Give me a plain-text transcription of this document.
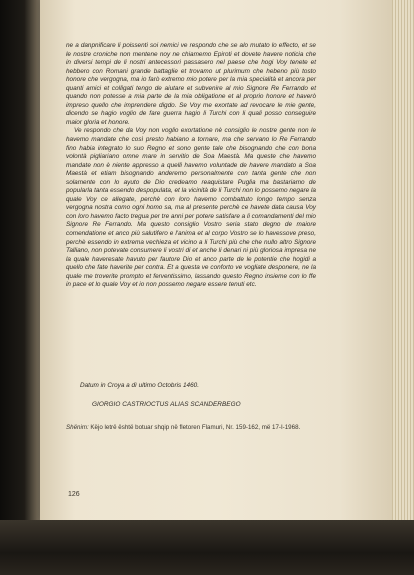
ne a danpnificare li poissenti soi nemici ve respondo che se alo mutato lo effecto, et se le nostre croniche non mentene noy ne chiamemo Epiroti et dovete havere noticia che in diversi tempi de li nostri antecessori passasero nel paese che hogi Voy tenete et hebbero con Romani grande battaglie et trovamo ut plurimum che hebeno più tosto honore che vergogna, ma io farò extremo mio potere per la mia specialità et ancora per quanti amici et colligati tengo de aiutare et subvenire al mio Signore Re Ferrando et quando non potesse a mia parte de la mia obligatione et al proprio honore et haverò impreso quello che imprendere digdo. Se Voy me exortate ad revocare le mie gente, dicendo se hagio voglio de fare guerra hagio li Turchi con li quali posso conseguire maior gloria et honore.

Ve respondo che da Voy non voglio exortatione nè consiglio le nostre gente non le havemo mandate che così presto habiano a tornare, ma che servano lo Re Ferrando fino habia integrato lo suo Regno et sono gente tale che bisognando che con bona volontà pigliariano omne mare in servitio de Soa Maestà. Ma queste che havemo mandate non è niente appresso a quelli havemo voluntade de havere mandato a Soa Maestà et etiam bisognando anderemo personalmente con tanta gente che non solamente con lo ayuto de Dio credeamo reaquistare Puglia ma bastariamo de popularla tanta essendo despopulata, et la vicinità de li Turchi non lo possemo negare la quale Voy ce allegate, perchè con loro havemo combattuto longo tempo senza vergogna nostra como ogni homo sa, ma al presente perchè ce havete data causa Voy con loro havemo facto tregua per tre anni per potere satisfare a li comandamenti del mio Signore Re Ferrando. Ma questo consiglio Vostro seria stato degno de maiore comendatione et anco più salutifero e l'anima et al corpo Vostro se lo havessove preso, perchè essendo in extrema vechieza et vicino a li Turchi più che che nullo altro Signore Talliano, non potevate consumere li vostri di et anche li denari ni più gloriosa impresa ne la quale haveresate havuto per fautore Dio et anco parte de le potentie che hogidi a quello che fate haverite per contra. Et a questa ve conforto ve vogliate desponere, ne la quale me troverite prompto et ferventissimo, lassando questo Regno insieme con lo ffe in pace et lo quale Voy et io non possemo negare essere tenuti etc.

Datum in Croya a dì ultimo Octobris 1460.
GIORGIO CASTRIOCTUS ALIAS SCANDERBEGO
Shënim: Këjo letrë është botuar shqip në fletoren Flamuri, Nr. 159-162, më 17-I-1968.
126
